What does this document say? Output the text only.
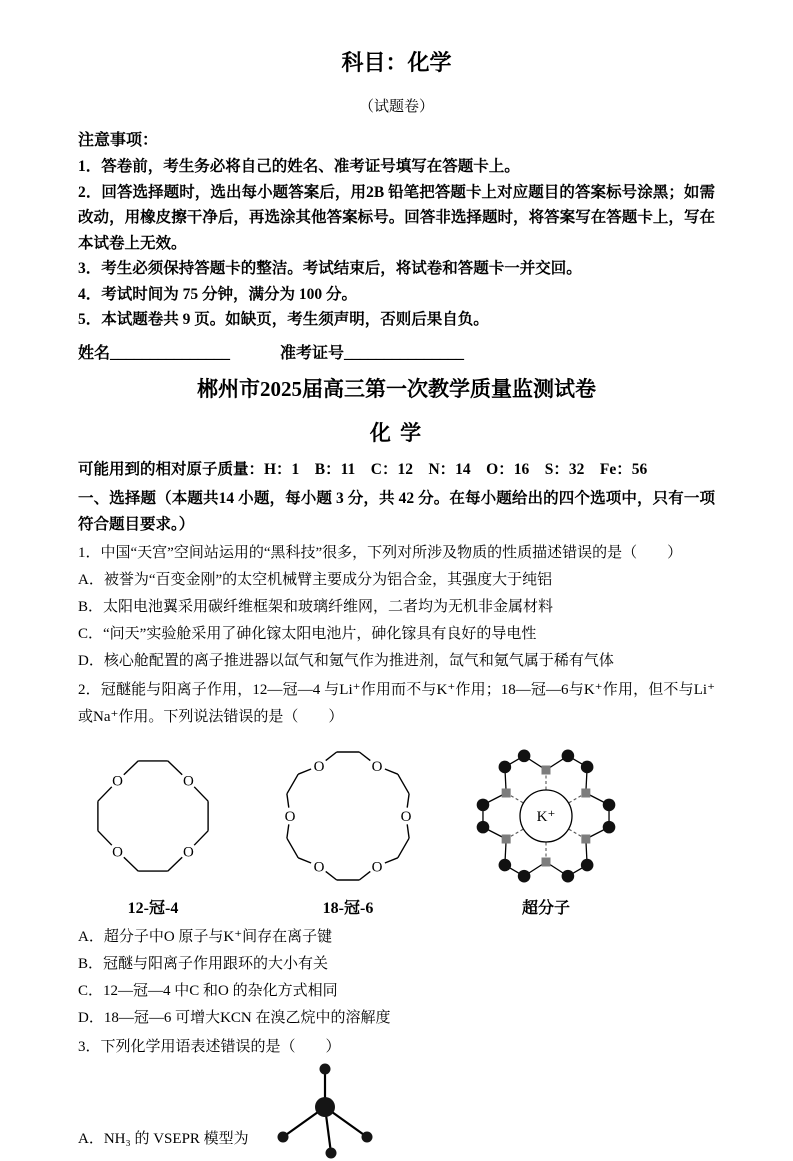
科目：化学
（试题卷）
注意事项：

1．答卷前，考生务必将自己的姓名、准考证号填写在答题卡上。

2．回答选择题时，选出每小题答案后，用2B 铅笔把答题卡上对应题目的答案标号涂黑；如需改动，用橡皮擦干净后，再选涂其他答案标号。回答非选择题时，将答案写在答题卡上，写在本试卷上无效。

3．考生必须保持答题卡的整洁。考试结束后，将试卷和答题卡一并交回。

4．考试时间为 75 分钟，满分为 100 分。

5．本试题卷共 9 页。如缺页，考生须声明，否则后果自负。

姓名_______________	准考证号_______________
郴州市2025届高三第一次教学质量监测试卷
化 学

可能用到的相对原子质量：H：1　B：11　C：12　N：14　O：16　S：32　Fe：56

一、选择题（本题共14 小题，每小题 3 分，共 42 分。在每小题给出的四个选项中，只有一项符合题目要求。）

1．中国“天宫”空间站运用的“黑科技”很多，下列对所涉及物质的性质描述错误的是（　　）

A．被誉为“百变金刚”的太空机械臂主要成分为铝合金，其强度大于纯铝

B．太阳电池翼采用碳纤维框架和玻璃纤维网，二者均为无机非金属材料

C．“问天”实验舱采用了砷化镓太阳电池片，砷化镓具有良好的导电性

D．核心舱配置的离子推进器以氙气和氪气作为推进剂，氙气和氪气属于稀有气体

2．冠醚能与阳离子作用，12—冠—4 与Li⁺作用而不与K⁺作用；18—冠—6与K⁺作用，但不与Li⁺或Na⁺作用。下列说法错误的是（　　）

O	O
O
O
12-冠-4
O	O
O
O
O
O
18-冠-6
K⁺
超分子

A．超分子中O 原子与K⁺间存在离子键

B．冠醚与阳离子作用跟环的大小有关

C．12—冠—4 中C 和O 的杂化方式相同

D．18—冠—6 可增大KCN 在溴乙烷中的溶解度

3．下列化学用语表述错误的是（　　）

A．NH₃ 的 VSEPR 模型为
